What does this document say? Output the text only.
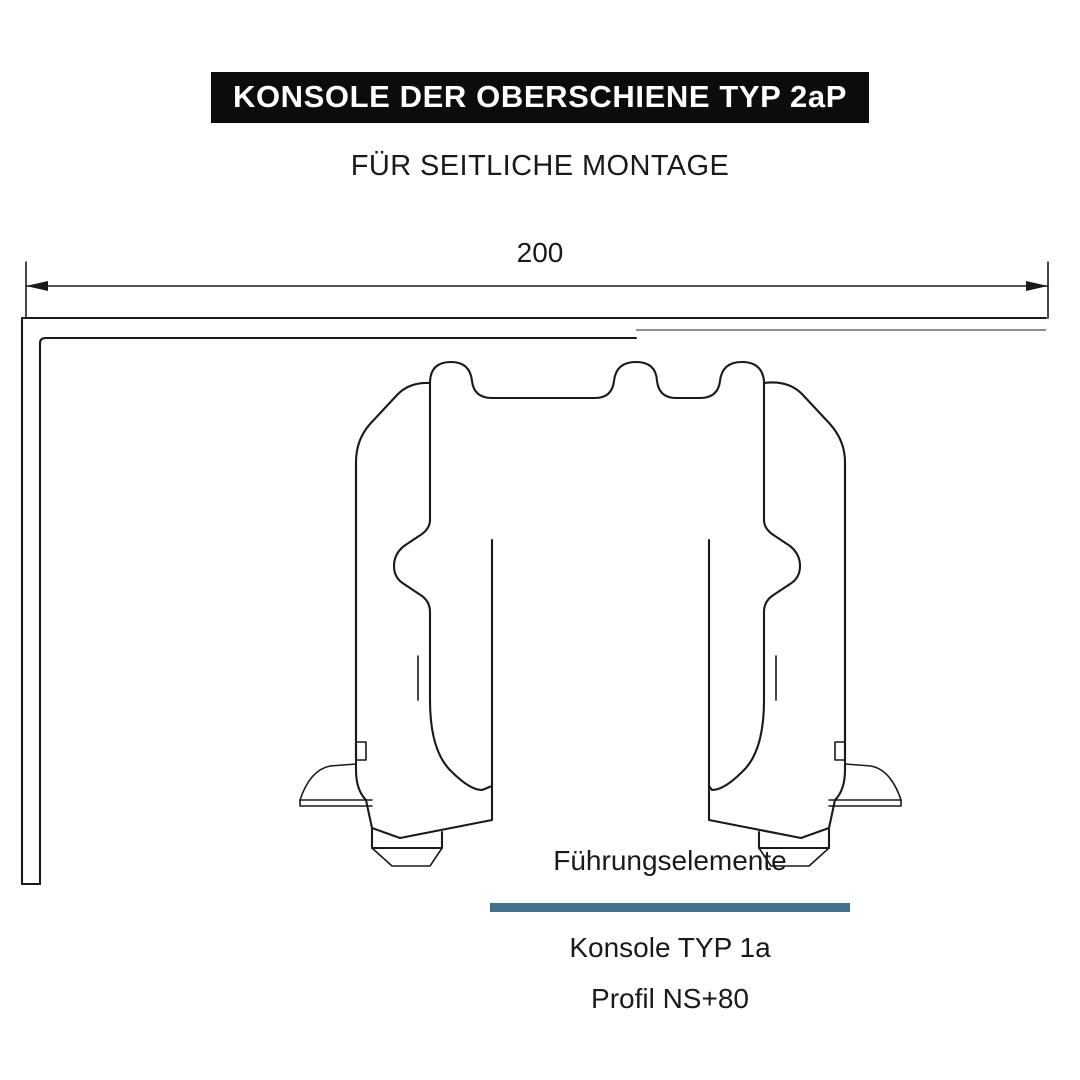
KONSOLE DER OBERSCHIENE TYP 2aP
FÜR SEITLICHE MONTAGE
200
Führungselemente
Konsole TYP 1a
Profil NS+80
